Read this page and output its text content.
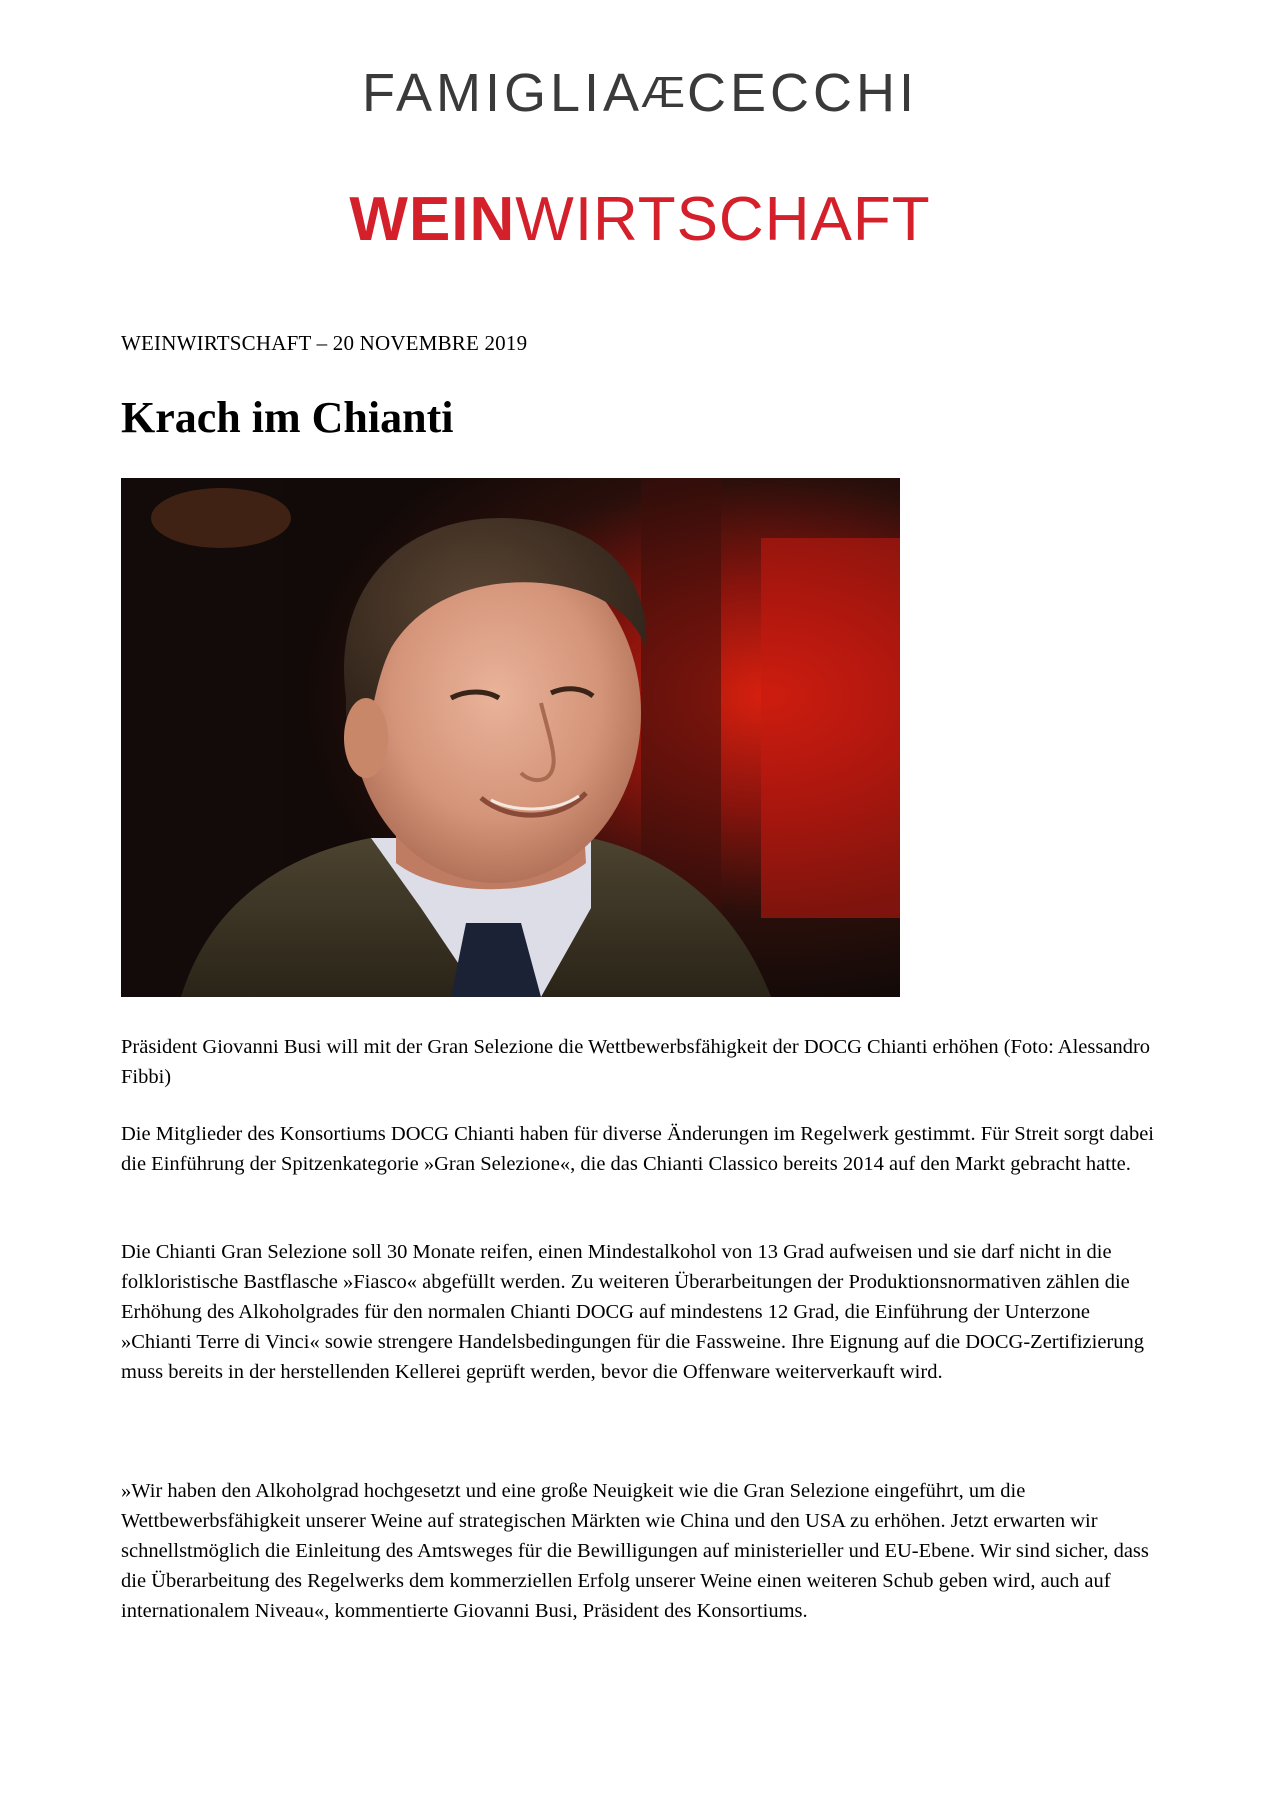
FAMIGLIAÆCECCHI
WEINWIRTSCHAFT
WEINWIRTSCHAFT – 20 NOVEMBRE 2019
Krach im Chianti

Präsident Giovanni Busi will mit der Gran Selezione die Wettbewerbsfähigkeit der DOCG Chianti erhöhen (Foto: Alessandro Fibbi)

Die Mitglieder des Konsortiums DOCG Chianti haben für diverse Änderungen im Regelwerk gestimmt. Für Streit sorgt dabei die Einführung der Spitzenkategorie »Gran Selezione«, die das Chianti Classico bereits 2014 auf den Markt gebracht hatte.

Die Chianti Gran Selezione soll 30 Monate reifen, einen Mindestalkohol von 13 Grad aufweisen und sie darf nicht in die folkloristische Bastflasche »Fiasco« abgefüllt werden. Zu weiteren Überarbeitungen der Produktionsnormativen zählen die Erhöhung des Alkoholgrades für den normalen Chianti DOCG auf mindestens 12 Grad, die Einführung der Unterzone »Chianti Terre di Vinci« sowie strengere Handelsbedingungen für die Fassweine. Ihre Eignung auf die DOCG-Zertifizierung muss bereits in der herstellenden Kellerei geprüft werden, bevor die Offenware weiterverkauft wird.

»Wir haben den Alkoholgrad hochgesetzt und eine große Neuigkeit wie die Gran Selezione eingeführt, um die Wettbewerbsfähigkeit unserer Weine auf strategischen Märkten wie China und den USA zu erhöhen. Jetzt erwarten wir schnellstmöglich die Einleitung des Amtsweges für die Bewilligungen auf ministerieller und EU-Ebene. Wir sind sicher, dass die Überarbeitung des Regelwerks dem kommerziellen Erfolg unserer Weine einen weiteren Schub geben wird, auch auf internationalem Niveau«, kommentierte Giovanni Busi, Präsident des Konsortiums.
